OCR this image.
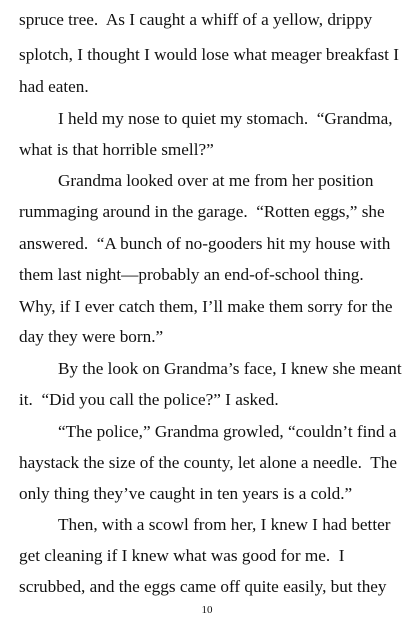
spruce tree.  As I caught a whiff of a yellow, drippy
splotch, I thought I would lose what meager breakfast I
had eaten.
I held my nose to quiet my stomach.  “Grandma,
what is that horrible smell?”
Grandma looked over at me from her position
rummaging around in the garage.  “Rotten eggs,” she
answered.  “A bunch of no-gooders hit my house with
them last night—probably an end-of-school thing.
Why, if I ever catch them, I’ll make them sorry for the
day they were born.”
By the look on Grandma’s face, I knew she meant
it.  “Did you call the police?” I asked.
“The police,” Grandma growled, “couldn’t find a
haystack the size of the county, let alone a needle.  The
only thing they’ve caught in ten years is a cold.”
Then, with a scowl from her, I knew I had better
get cleaning if I knew what was good for me.  I
scrubbed, and the eggs came off quite easily, but they
10
